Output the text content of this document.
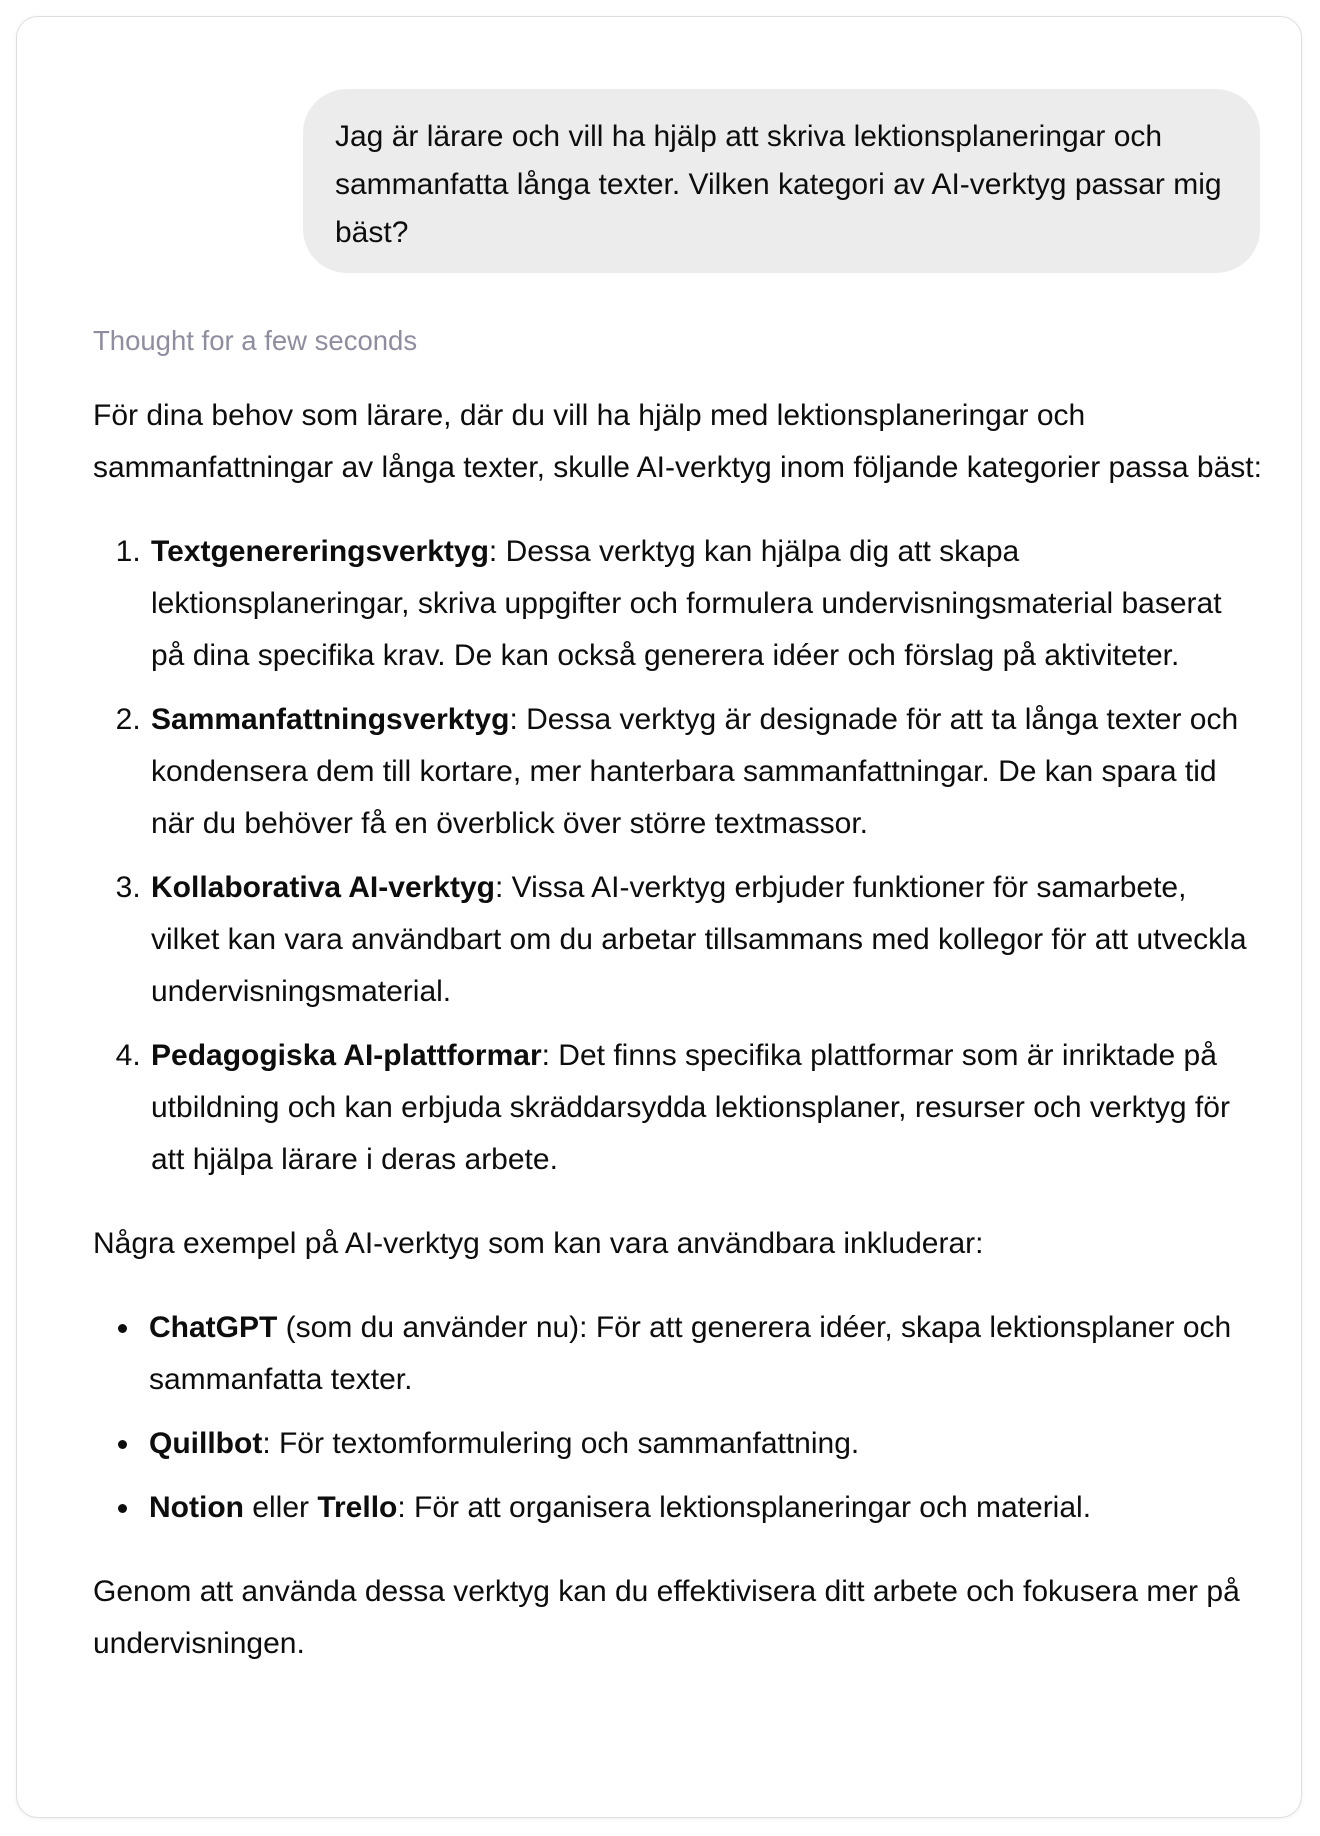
Jag är lärare och vill ha hjälp att skriva lektionsplaneringar och sammanfatta långa texter. Vilken kategori av AI-verktyg passar mig bäst?
Thought for a few seconds

För dina behov som lärare, där du vill ha hjälp med lektionsplaneringar och sammanfattningar av långa texter, skulle AI-verktyg inom följande kategorier passa bäst:

1. Textgenereringsverktyg: Dessa verktyg kan hjälpa dig att skapa lektionsplaneringar, skriva uppgifter och formulera undervisningsmaterial baserat på dina specifika krav. De kan också generera idéer och förslag på aktiviteter.
2. Sammanfattningsverktyg: Dessa verktyg är designade för att ta långa texter och kondensera dem till kortare, mer hanterbara sammanfattningar. De kan spara tid när du behöver få en överblick över större textmassor.
3. Kollaborativa AI-verktyg: Vissa AI-verktyg erbjuder funktioner för samarbete, vilket kan vara användbart om du arbetar tillsammans med kollegor för att utveckla undervisningsmaterial.
4. Pedagogiska AI-plattformar: Det finns specifika plattformar som är inriktade på utbildning och kan erbjuda skräddarsydda lektionsplaner, resurser och verktyg för att hjälpa lärare i deras arbete.

Några exempel på AI-verktyg som kan vara användbara inkluderar:

ChatGPT (som du använder nu): För att generera idéer, skapa lektionsplaner och sammanfatta texter.
Quillbot: För textomformulering och sammanfattning.
Notion eller Trello: För att organisera lektionsplaneringar och material.

Genom att använda dessa verktyg kan du effektivisera ditt arbete och fokusera mer på undervisningen.
